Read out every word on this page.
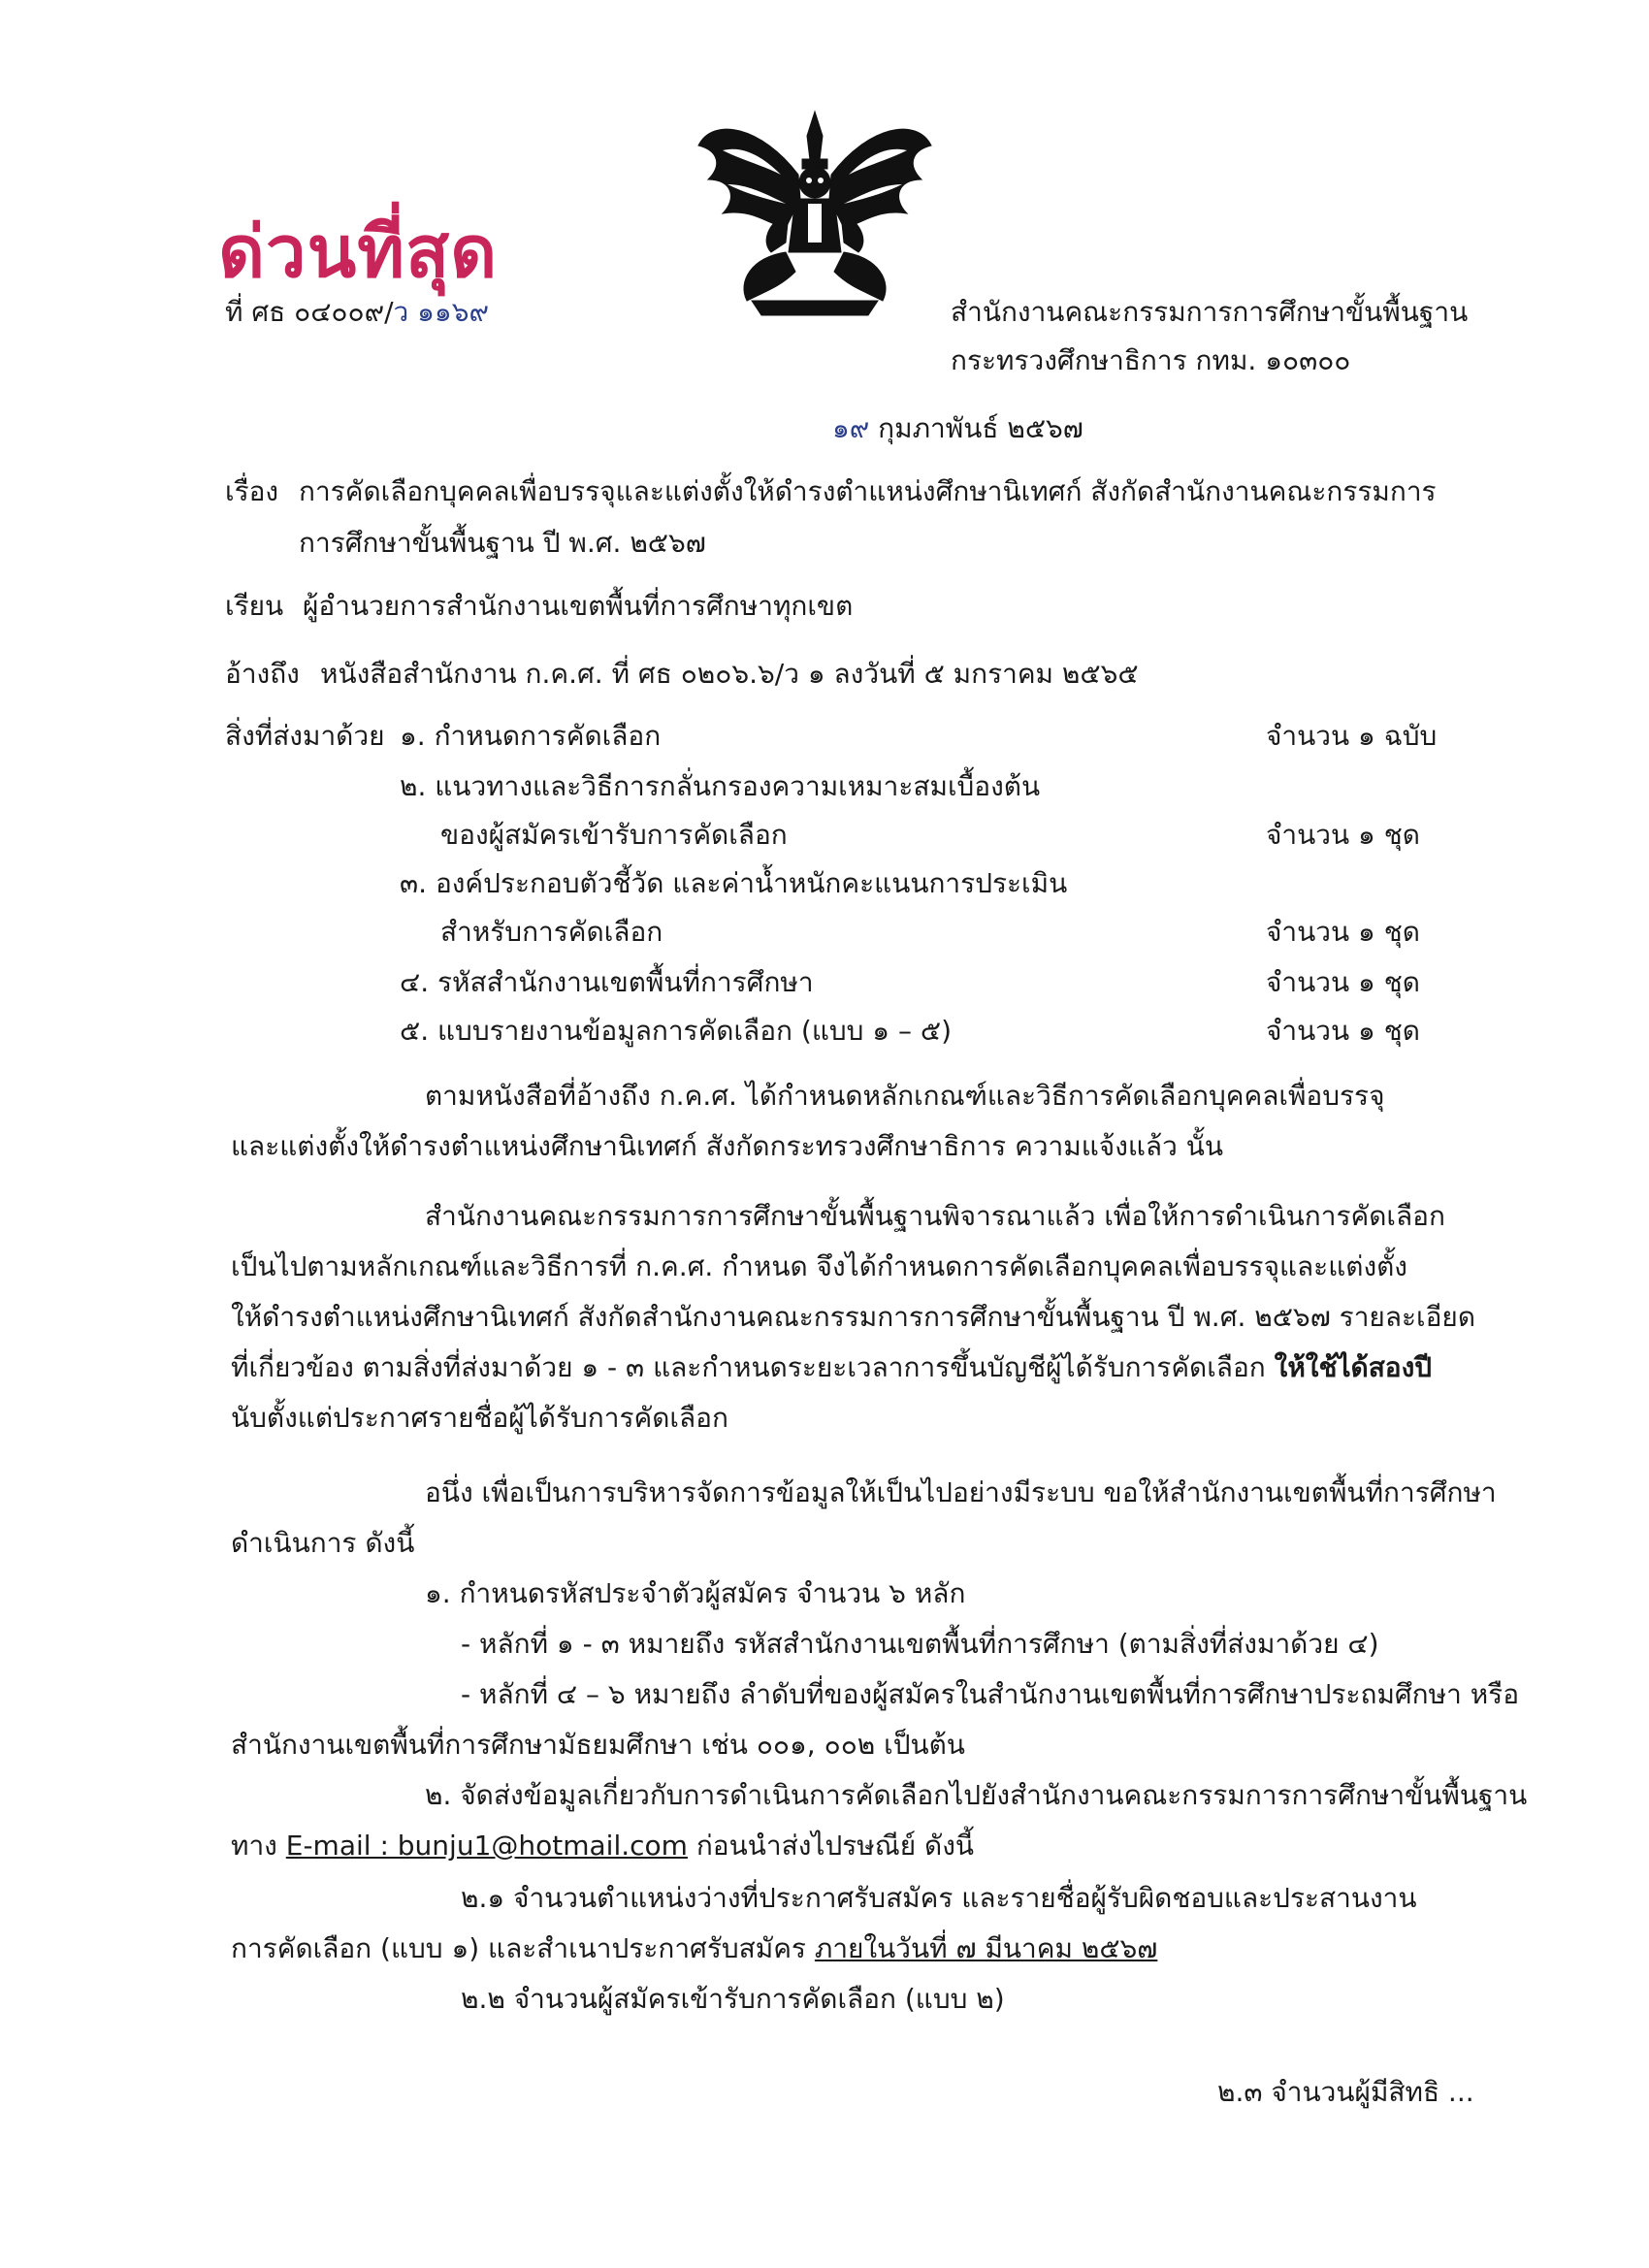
ด่วนที่สุด
ที่ ศธ ๐๔๐๐๙/ว ๑๑๖๙	สำนักงานคณะกรรมการการศึกษาขั้นพื้นฐาน
กระทรวงศึกษาธิการ กทม. ๑๐๓๐๐
๑๙ กุมภาพันธ์ ๒๕๖๗
เรื่อง การคัดเลือกบุคคลเพื่อบรรจุและแต่งตั้งให้ดำรงตำแหน่งศึกษานิเทศก์ สังกัดสำนักงานคณะกรรมการ
การศึกษาขั้นพื้นฐาน ปี พ.ศ. ๒๕๖๗
เรียน ผู้อำนวยการสำนักงานเขตพื้นที่การศึกษาทุกเขต
อ้างถึง หนังสือสำนักงาน ก.ค.ศ. ที่ ศธ ๐๒๐๖.๖/ว ๑ ลงวันที่ ๕ มกราคม ๒๕๖๕
สิ่งที่ส่งมาด้วย ๑. กำหนดการคัดเลือก	จำนวน ๑ ฉบับ
๒. แนวทางและวิธีการกลั่นกรองความเหมาะสมเบื้องต้น
ของผู้สมัครเข้ารับการคัดเลือก	จำนวน ๑ ชุด
๓. องค์ประกอบตัวชี้วัด และค่าน้ำหนักคะแนนการประเมิน
สำหรับการคัดเลือก	จำนวน ๑ ชุด
๔. รหัสสำนักงานเขตพื้นที่การศึกษา	จำนวน ๑ ชุด
๕. แบบรายงานข้อมูลการคัดเลือก (แบบ ๑ – ๕)	จำนวน ๑ ชุด
ตามหนังสือที่อ้างถึง ก.ค.ศ. ได้กำหนดหลักเกณฑ์และวิธีการคัดเลือกบุคคลเพื่อบรรจุ
และแต่งตั้งให้ดำรงตำแหน่งศึกษานิเทศก์ สังกัดกระทรวงศึกษาธิการ ความแจ้งแล้ว นั้น
สำนักงานคณะกรรมการการศึกษาขั้นพื้นฐานพิจารณาแล้ว เพื่อให้การดำเนินการคัดเลือก
เป็นไปตามหลักเกณฑ์และวิธีการที่ ก.ค.ศ. กำหนด จึงได้กำหนดการคัดเลือกบุคคลเพื่อบรรจุและแต่งตั้ง
ให้ดำรงตำแหน่งศึกษานิเทศก์ สังกัดสำนักงานคณะกรรมการการศึกษาขั้นพื้นฐาน ปี พ.ศ. ๒๕๖๗ รายละเอียด
ที่เกี่ยวข้อง ตามสิ่งที่ส่งมาด้วย ๑ - ๓ และกำหนดระยะเวลาการขึ้นบัญชีผู้ได้รับการคัดเลือก ให้ใช้ได้สองปี
นับตั้งแต่ประกาศรายชื่อผู้ได้รับการคัดเลือก
อนึ่ง เพื่อเป็นการบริหารจัดการข้อมูลให้เป็นไปอย่างมีระบบ ขอให้สำนักงานเขตพื้นที่การศึกษา
ดำเนินการ ดังนี้
๑. กำหนดรหัสประจำตัวผู้สมัคร จำนวน ๖ หลัก
- หลักที่ ๑ - ๓ หมายถึง รหัสสำนักงานเขตพื้นที่การศึกษา (ตามสิ่งที่ส่งมาด้วย ๔)
- หลักที่ ๔ – ๖ หมายถึง ลำดับที่ของผู้สมัครในสำนักงานเขตพื้นที่การศึกษาประถมศึกษา หรือ
สำนักงานเขตพื้นที่การศึกษามัธยมศึกษา เช่น ๐๐๑, ๐๐๒ เป็นต้น
๒. จัดส่งข้อมูลเกี่ยวกับการดำเนินการคัดเลือกไปยังสำนักงานคณะกรรมการการศึกษาขั้นพื้นฐาน
ทาง E-mail : bunju1@hotmail.com ก่อนนำส่งไปรษณีย์ ดังนี้
๒.๑ จำนวนตำแหน่งว่างที่ประกาศรับสมัคร และรายชื่อผู้รับผิดชอบและประสานงาน
การคัดเลือก (แบบ ๑) และสำเนาประกาศรับสมัคร ภายในวันที่ ๗ มีนาคม ๒๕๖๗
๒.๒ จำนวนผู้สมัครเข้ารับการคัดเลือก (แบบ ๒)
๒.๓ จำนวนผู้มีสิทธิ ...
